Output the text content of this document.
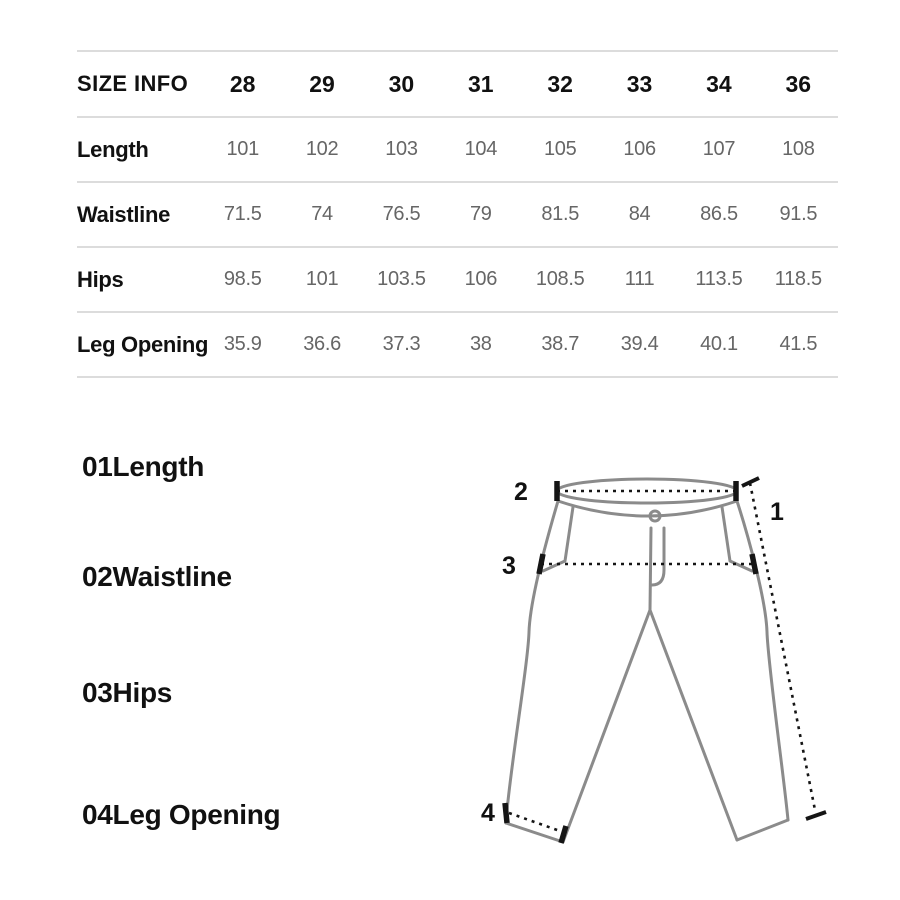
SIZE INFO	28	29	30	31	32	33	34	36
Length	101	102	103	104	105	106	107	108
Waistline	71.5	74	76.5	79	81.5	84	86.5	91.5
Hips	98.5	101	103.5	106	108.5	111	113.5	118.5
Leg Opening	35.9	36.6	37.3	38	38.7	39.4	40.1	41.5
01Length
02Waistline
03Hips
04Leg Opening
2
3
1
4
